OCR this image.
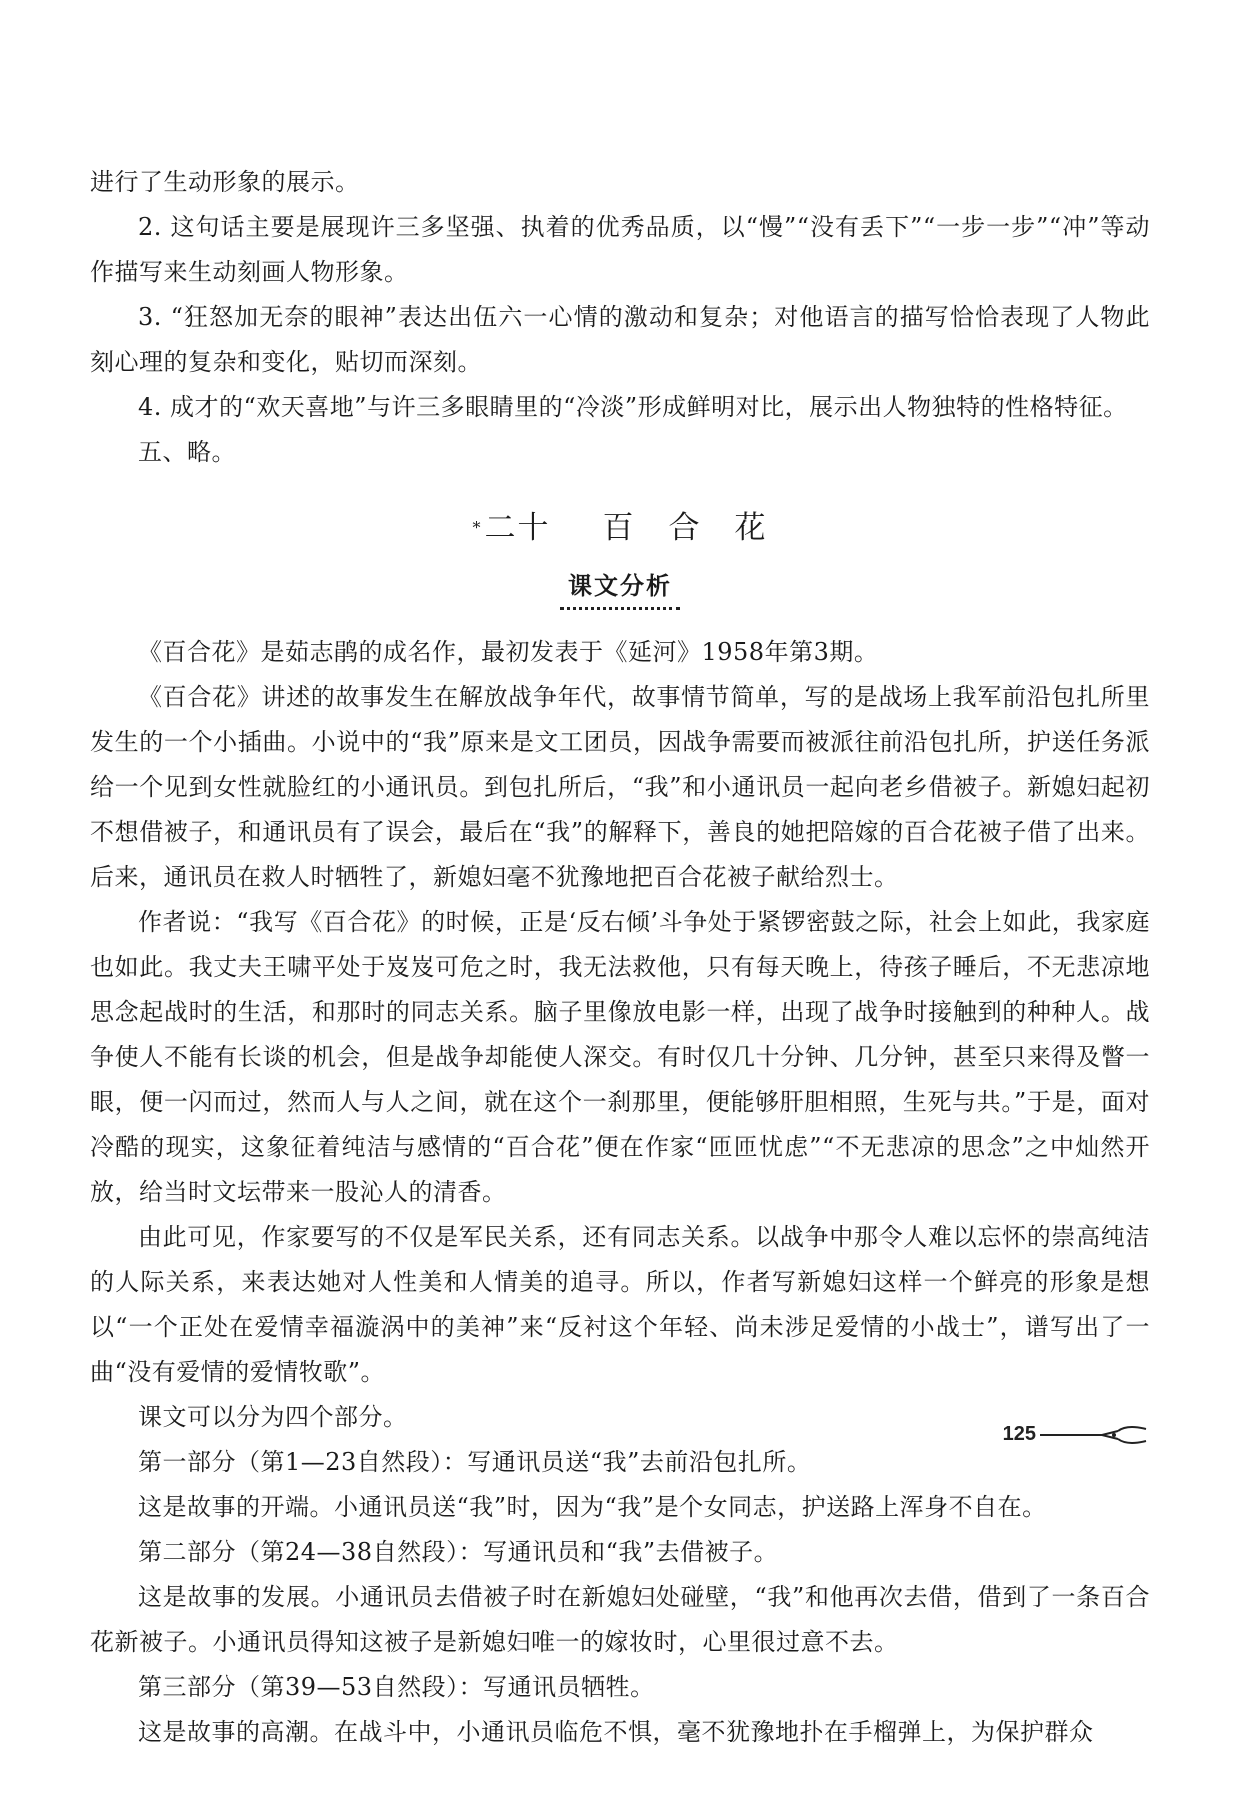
进行了生动形象的展示。

2. 这句话主要是展现许三多坚强、执着的优秀品质，以“慢”“没有丢下”“一步一步”“冲”等动作描写来生动刻画人物形象。

3. “狂怒加无奈的眼神”表达出伍六一心情的激动和复杂；对他语言的描写恰恰表现了人物此刻心理的复杂和变化，贴切而深刻。

4. 成才的“欢天喜地”与许三多眼睛里的“冷淡”形成鲜明对比，展示出人物独特的性格特征。

五、略。

*二十 百　合　花
课文分析

《百合花》是茹志鹃的成名作，最初发表于《延河》1958年第3期。

《百合花》讲述的故事发生在解放战争年代，故事情节简单，写的是战场上我军前沿包扎所里发生的一个小插曲。小说中的“我”原来是文工团员，因战争需要而被派往前沿包扎所，护送任务派给一个见到女性就脸红的小通讯员。到包扎所后，“我”和小通讯员一起向老乡借被子。新媳妇起初不想借被子，和通讯员有了误会，最后在“我”的解释下，善良的她把陪嫁的百合花被子借了出来。后来，通讯员在救人时牺牲了，新媳妇毫不犹豫地把百合花被子献给烈士。

作者说：“我写《百合花》的时候，正是‘反右倾’斗争处于紧锣密鼓之际，社会上如此，我家庭也如此。我丈夫王啸平处于岌岌可危之时，我无法救他，只有每天晚上，待孩子睡后，不无悲凉地思念起战时的生活，和那时的同志关系。脑子里像放电影一样，出现了战争时接触到的种种人。战争使人不能有长谈的机会，但是战争却能使人深交。有时仅几十分钟、几分钟，甚至只来得及瞥一眼，便一闪而过，然而人与人之间，就在这个一刹那里，便能够肝胆相照，生死与共。”于是，面对冷酷的现实，这象征着纯洁与感情的“百合花”便在作家“匝匝忧虑”“不无悲凉的思念”之中灿然开放，给当时文坛带来一股沁人的清香。

由此可见，作家要写的不仅是军民关系，还有同志关系。以战争中那令人难以忘怀的崇高纯洁的人际关系，来表达她对人性美和人情美的追寻。所以，作者写新媳妇这样一个鲜亮的形象是想以“一个正处在爱情幸福漩涡中的美神”来“反衬这个年轻、尚未涉足爱情的小战士”，谱写出了一曲“没有爱情的爱情牧歌”。

课文可以分为四个部分。

第一部分（第1—23自然段）：写通讯员送“我”去前沿包扎所。

这是故事的开端。小通讯员送“我”时，因为“我”是个女同志，护送路上浑身不自在。

第二部分（第24—38自然段）：写通讯员和“我”去借被子。

这是故事的发展。小通讯员去借被子时在新媳妇处碰壁，“我”和他再次去借，借到了一条百合花新被子。小通讯员得知这被子是新媳妇唯一的嫁妆时，心里很过意不去。

第三部分（第39—53自然段）：写通讯员牺牲。

这是故事的高潮。在战斗中，小通讯员临危不惧，毫不犹豫地扑在手榴弹上，为保护群众

125
